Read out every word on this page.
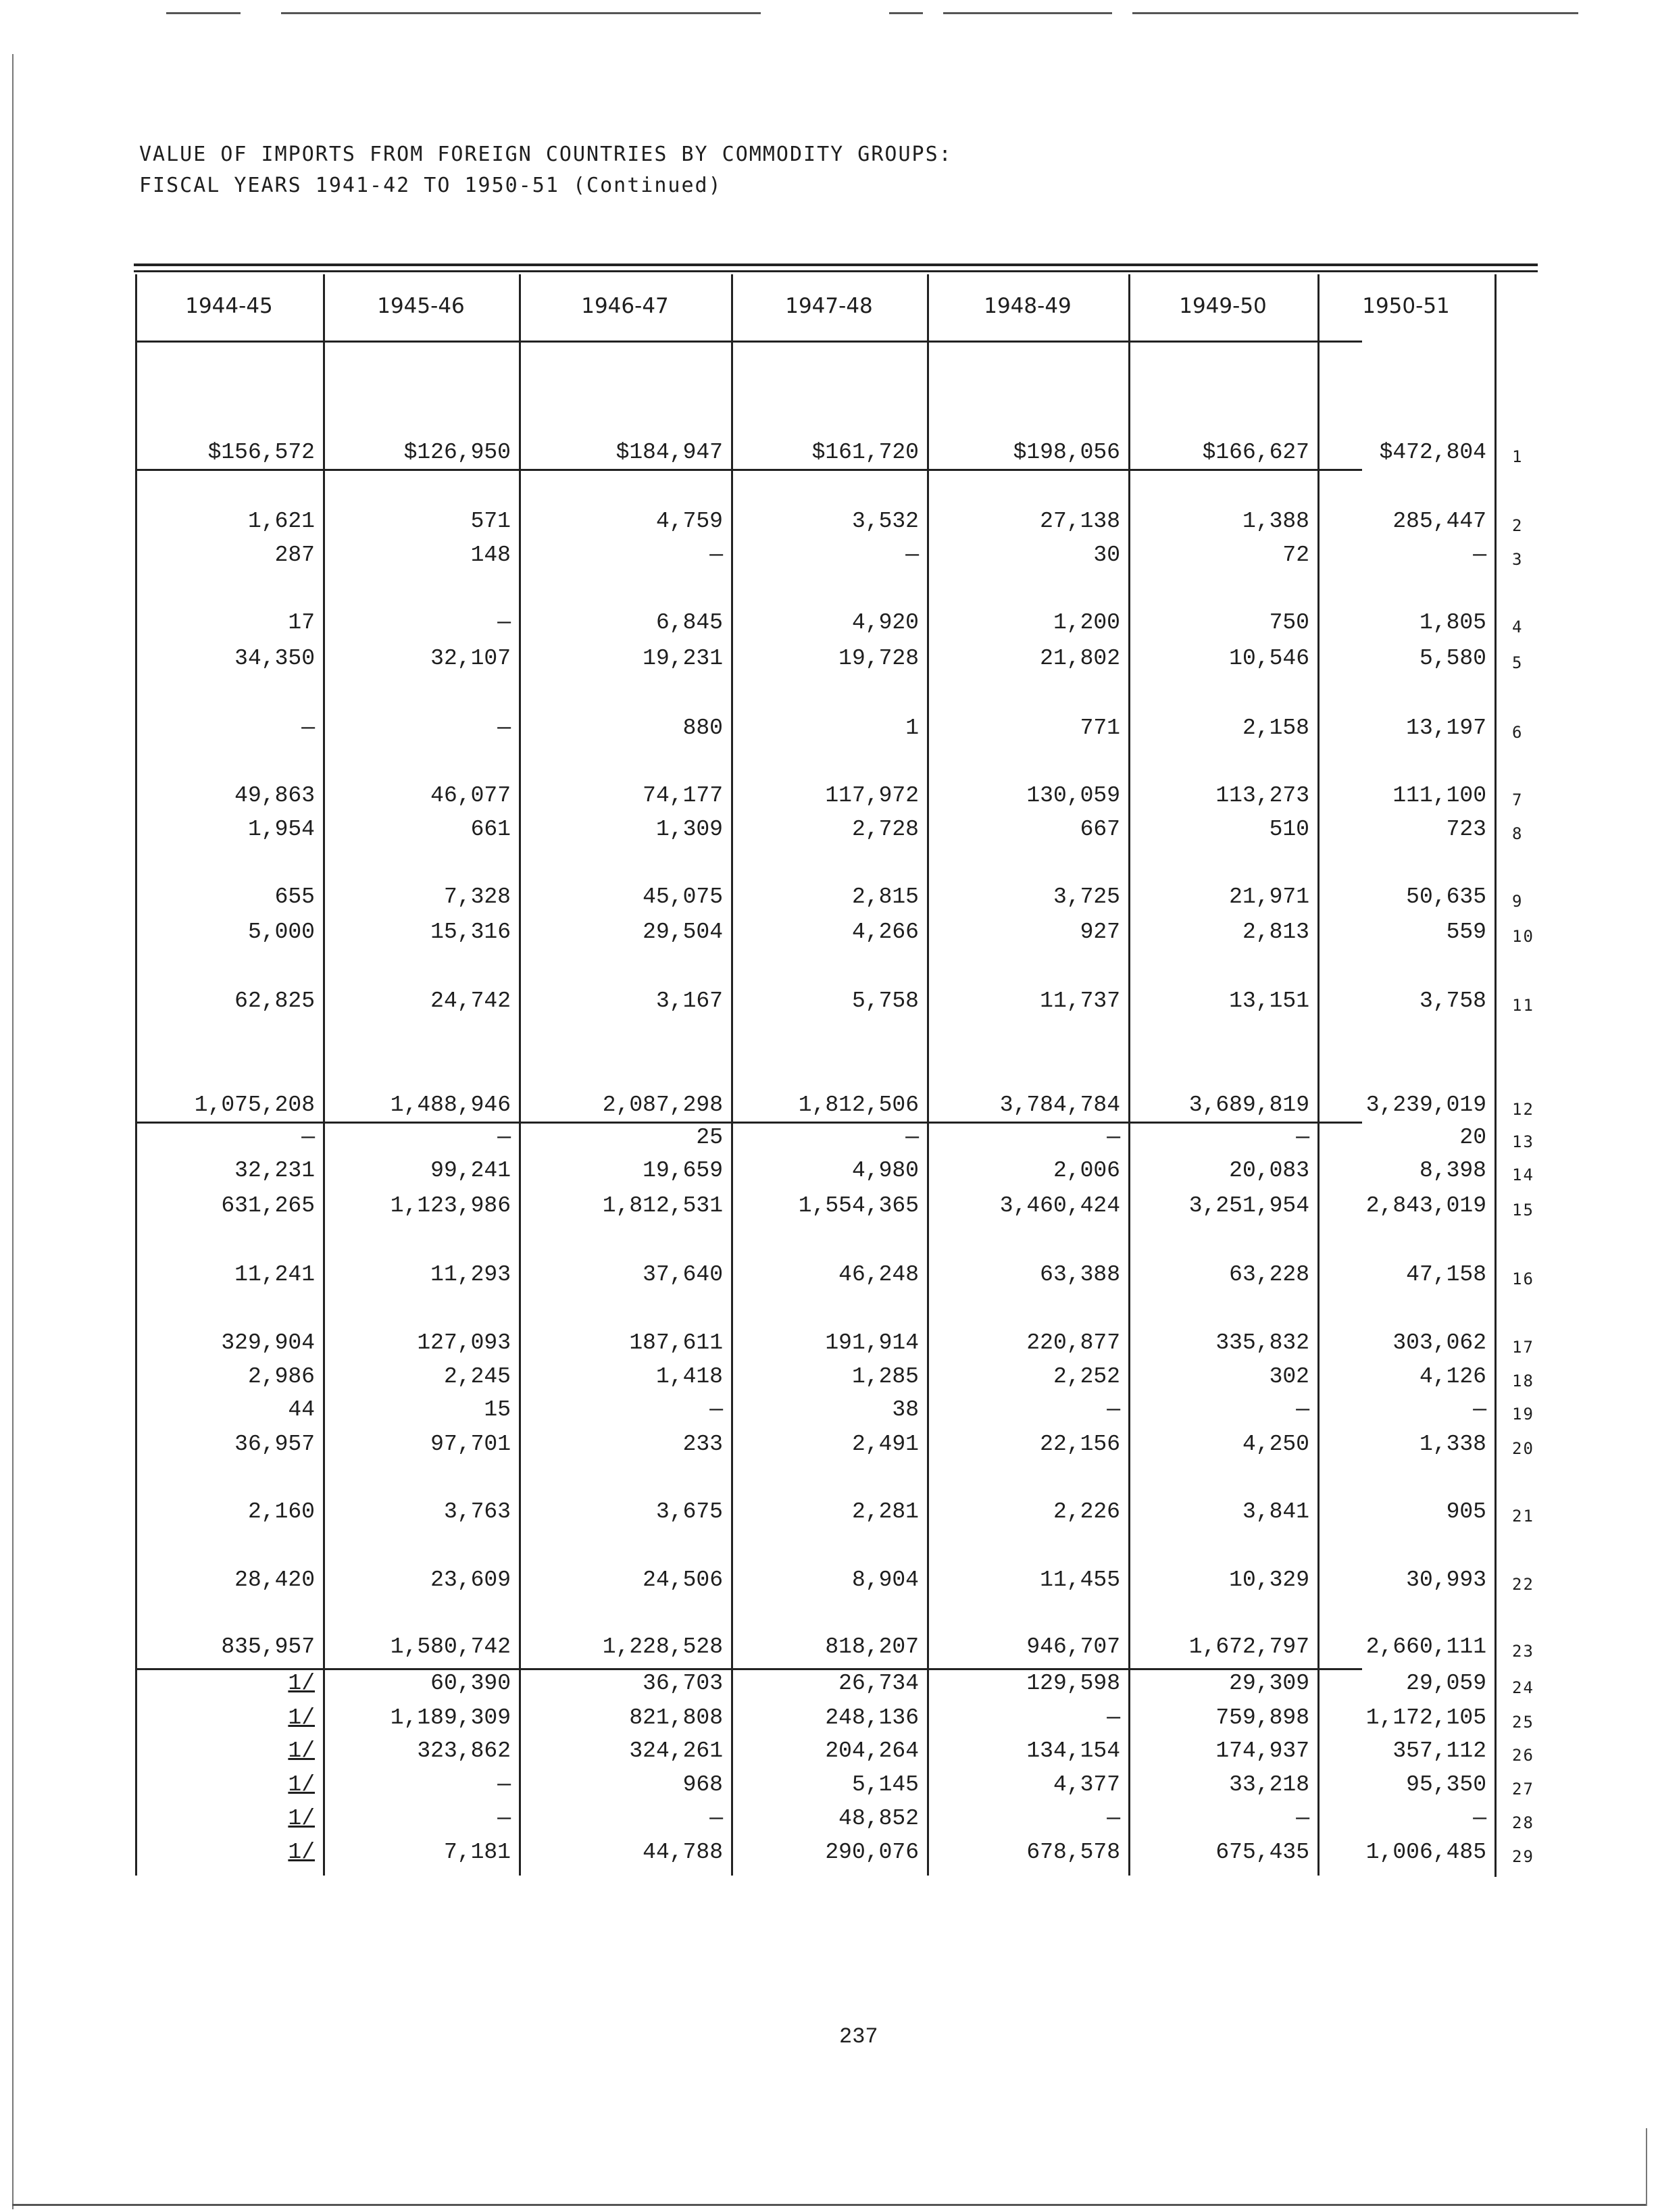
VALUE OF IMPORTS FROM FOREIGN COUNTRIES BY COMMODITY GROUPS:
FISCAL YEARS 1941-42 TO 1950-51 (Continued)
1944-45	1945-46	1946-47	1947-48	1948-49	1949-50	1950-51
$156,572	$126,950	$184,947	$161,720	$198,056	$166,627	$472,804 1
1,621	571	4,759	3,532	27,138	1,388	285,447 2
287	148	—	—	30	72	— 3
17	—	6,845	4,920	1,200	750	1,805 4
34,350	32,107	19,231	19,728	21,802	10,546	5,580 5
—	—	880	1	771	2,158	13,197 6
49,863	46,077	74,177	117,972	130,059	113,273	111,100 7
1,954	661	1,309	2,728	667	510	723 8
655	7,328	45,075	2,815	3,725	21,971	50,635 9
5,000	15,316	29,504	4,266	927	2,813	559 10
62,825	24,742	3,167	5,758	11,737	13,151	3,758 11
1,075,208	1,488,946	2,087,298	1,812,506	3,784,784	3,689,819	3,239,019 12
—	—	25	—	—	—	20 13
32,231	99,241	19,659	4,980	2,006	20,083	8,398 14
631,265	1,123,986	1,812,531	1,554,365	3,460,424	3,251,954	2,843,019 15
11,241	11,293	37,640	46,248	63,388	63,228	47,158 16
329,904	127,093	187,611	191,914	220,877	335,832	303,062 17
2,986	2,245	1,418	1,285	2,252	302	4,126 18
44	15	—	38	—	—	— 19
36,957	97,701	233	2,491	22,156	4,250	1,338 20
2,160	3,763	3,675	2,281	2,226	3,841	905 21
28,420	23,609	24,506	8,904	11,455	10,329	30,993 22
835,957	1,580,742	1,228,528	818,207	946,707	1,672,797	2,660,111 23
1/	60,390	36,703	26,734	129,598	29,309	29,059 24
1/	1,189,309	821,808	248,136	—	759,898	1,172,105 25
1/	323,862	324,261	204,264	134,154	174,937	357,112 26
1/	—	968	5,145	4,377	33,218	95,350 27
1/	—	—	48,852	—	—	— 28
1/	7,181	44,788	290,076	678,578	675,435	1,006,485 29
237
